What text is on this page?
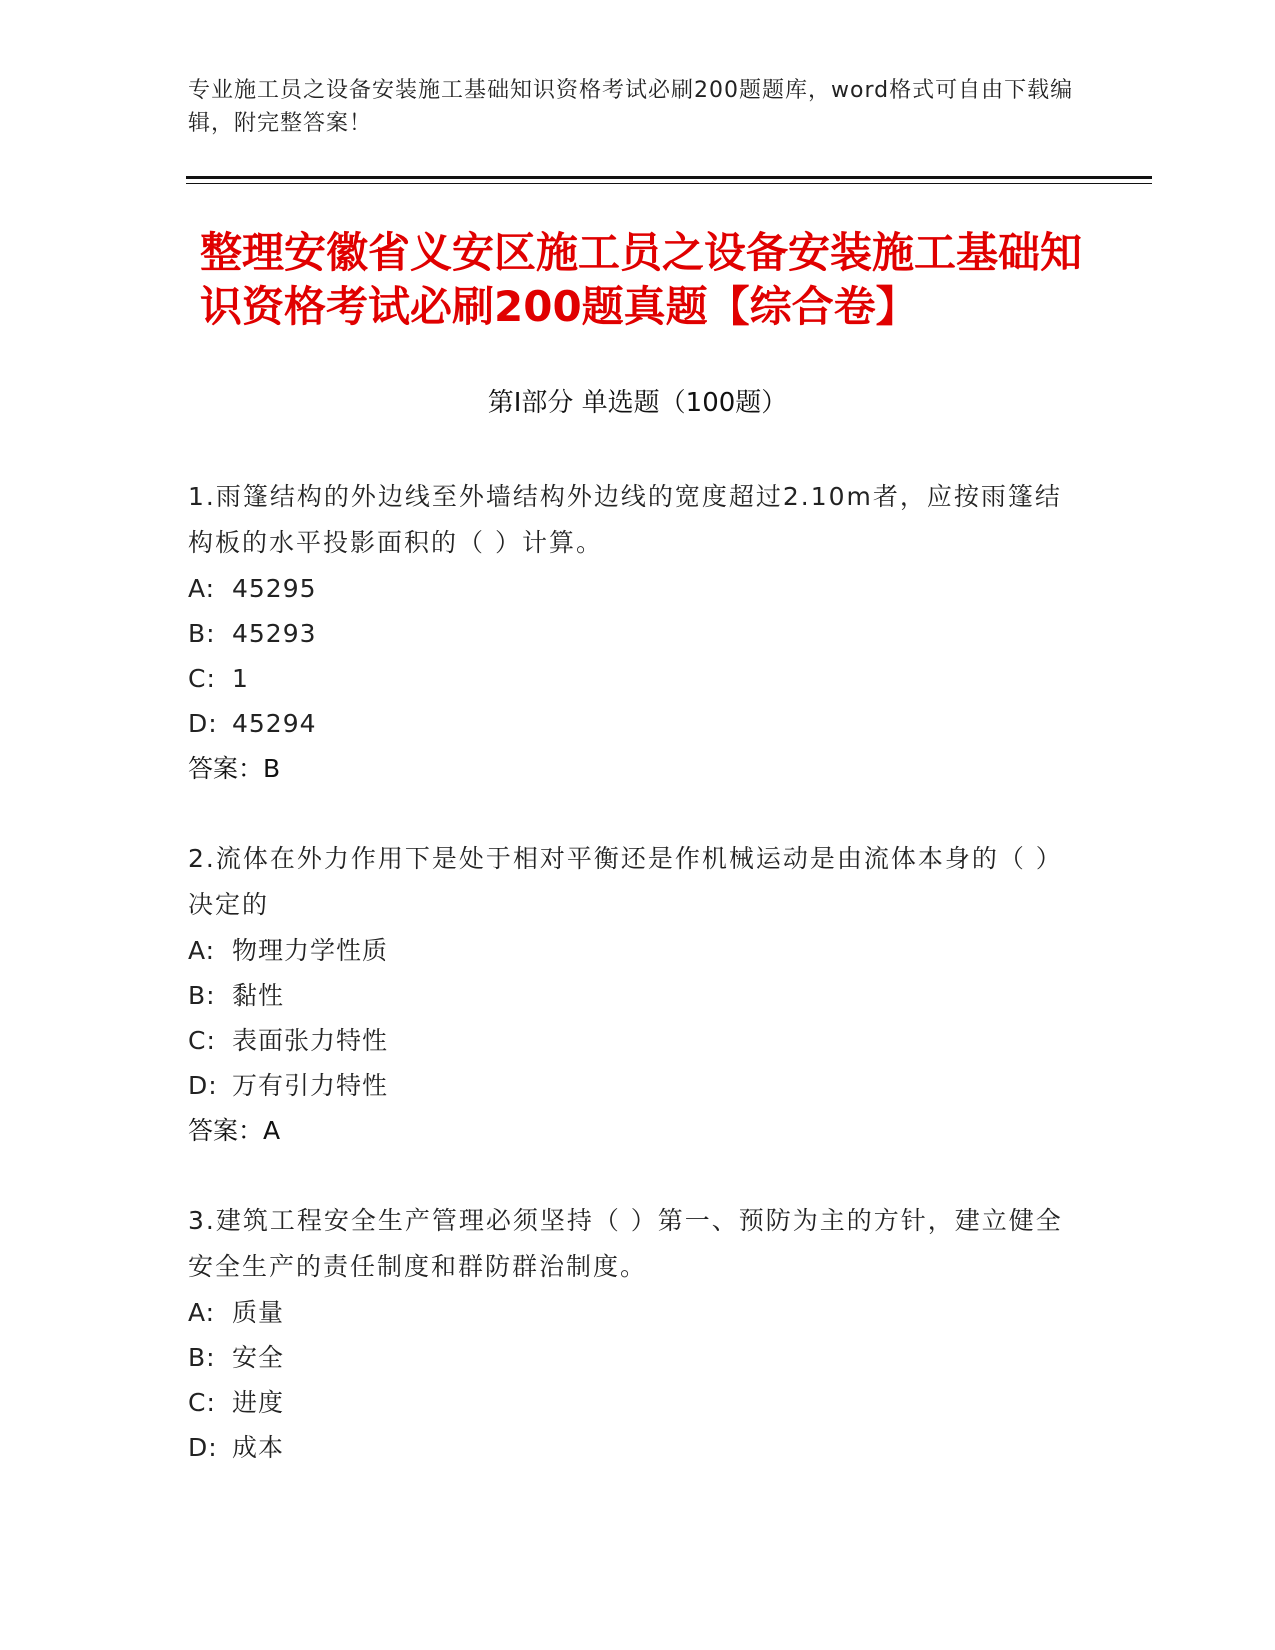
专业施工员之设备安装施工基础知识资格考试必刷200题题库，word格式可自由下载编辑，附完整答案！
整理安徽省义安区施工员之设备安装施工基础知识资格考试必刷200题真题【综合卷】
第Ⅰ部分 单选题（100题）

1.雨篷结构的外边线至外墙结构外边线的宽度超过2.10m者，应按雨篷结构板的水平投影面积的（ ）计算。

A: 45295

B: 45293

C: 1

D: 45294

答案：B

2.流体在外力作用下是处于相对平衡还是作机械运动是由流体本身的（ ）决定的

A: 物理力学性质

B: 黏性

C: 表面张力特性

D: 万有引力特性

答案：A

3.建筑工程安全生产管理必须坚持（ ）第一、预防为主的方针，建立健全安全生产的责任制度和群防群治制度。

A: 质量

B: 安全

C: 进度

D: 成本
